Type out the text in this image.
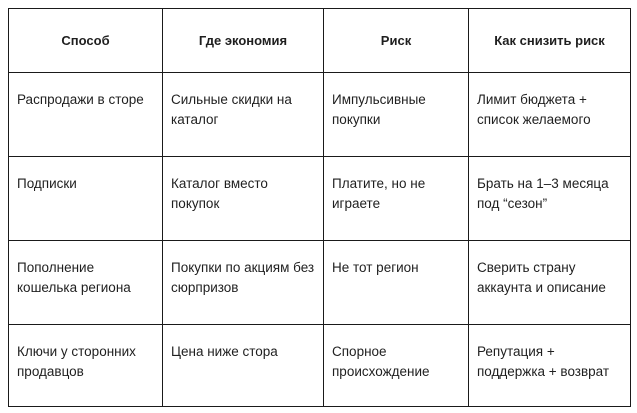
Способ	Где экономия	Риск	Как снизить риск
Распродажи в сторе	Сильные скидки на каталог	Импульсивные покупки	Лимит бюджета + список желаемого
Подписки	Каталог вместо покупок	Платите, но не играете	Брать на 1–3 месяца под “сезон”
Пополнение кошелька региона	Покупки по акциям без сюрпризов	Не тот регион	Сверить страну аккаунта и описание
Ключи у сторонних продавцов	Цена ниже стора	Спорное происхождение	Репутация + поддержка + возврат
